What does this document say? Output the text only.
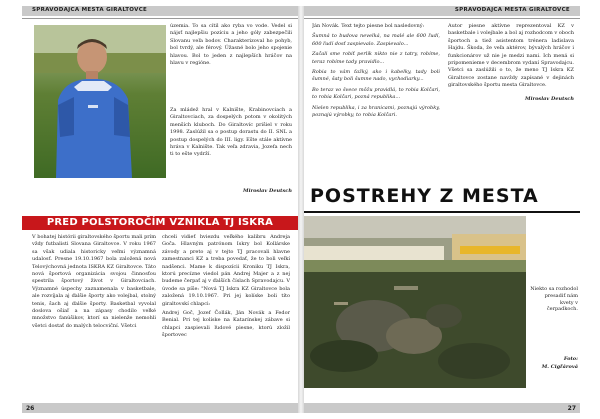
SPRAVODAJCA MESTA GIRALTOVCE

územia. To sa cítil ako ryba vo vode. Vedel si nájsť najlepšiu pozíciu a jeho góly zabezpečili Slovanu veľa bodov. Charakterizoval ho pohyb, bol tvrdý, ale férový. Úžasné bolo jeho spojenie hlavou. Bol to jeden z najlepších hráčov na hlavu v regióne.

Za mládež hral v Kalnište, Krabinovciach a Giraltovciach, za dospelých potom v okolitých menších kluboch. Do Giraltovíc prišiel v roku 1998. Zaslúžil sa o postup dorastu do II. SNL a postup dospelých do III. ligy. Ešte stále aktívne hráva v Kalnište. Tak veľa zdravia, Jozefa nech ti to ešte vydrží.

Miroslav Deutsch

PRED POLSTOROČÍM VZNIKLA TJ ISKRA

V bohatej histórii giraltovského športu mali prím vždy futbalisti Slovana Giraltovce. V roku 1967 sa však udiala historicky veľmi významná udalosť. Presne 19.10.1967 bola založená nová Telovýchovná jednota ISKRA KZ Giraltovce. Táto nová športová organizácia svojou činnosťou spestrila športový život v Giraltovciach. Významné úspechy zaznamenala v basketbale, ale rozvíjala aj ďalšie športy ako volejbal, stolný tenis, šach aj ďalšie športy. Basketbal vyvolal doslova ošiaľ a na zápasy chodilo veľké množstvo fanúšikov, ktorí sa nielenže nemohli všetci dostať do malých telocviční. Všetci

chceli vidieť hviezdu veľkého kalibru Andreja Goča. Hlavným patrónom Iskry bol Kollárske závody a preto aj v tejto TJ pracovali hlavne zamestnanci KZ a treba povedať, že to boli veľkí nadšenci. Mame k dispozícii Kroniku TJ Iskra, ktorú precízne viedol pán Andrej Majer a z nej budeme čerpať aj v ďalších číslach Spravodajcu. V úvode sa píše: "Nová TJ Iskra KZ Giraltovce bola založená 19.10.1967. Pri jej kolíske boli títo giraltovskí chlapci:

Andrej Goč, Jozef Čollák, Ján Novák a Fedor Benial. Pri tej kolíske na Katarínskej zábave si chlapci zaspievali ľudové piesne, ktorú zložil športovec

26
SPRAVODAJCA MESTA GIRALTOVCE

Ján Novák. Text tejto piesne bol nasledovný:

Šumná to budova nevelká, na malé ale 600 ľudí, 600 ľudí dosť zaspievalo. Zaspievalo...

Začali sme robiť perlík nikto nie z tatry, robíme, teraz robíme tady pravidlo...

Robia to vám ťažký, ako i kabelky, tady boli šumné, šaty boli šumne nado, vychodiarky...

Bo teraz vo švece môžu pravidlá, to robia Kolčari, to robia Kolčari, pozná republika...

Nielen republika, i za hranicami, poznajú výrobky, poznajú výrobky, to robia Kolčari.

Autor piesne aktívne reprezentoval KZ v basketbale i volejbale a bol aj rozhodcom v oboch športoch a tiež asistentom trénera ladislava Hajdu. Škoda, že veľa aktérov, bývalých hráčov i funkcionárov už nie je medzi nami. Ich mená si pripomenieme v decembrom vydaní Spravodajcu. Všetci sa zaslúžili o to, že meno TJ Iskra KZ Giraltovce zostane navždy zapísané v dejinách giraltovského športu mesta Giraltovce.

Miroslav Deutsch

POSTREHY Z MESTA
Niekto sa rozhodol presadiť nám kvety v čerpadkoch.
Foto:
M. Cigľárová
27
